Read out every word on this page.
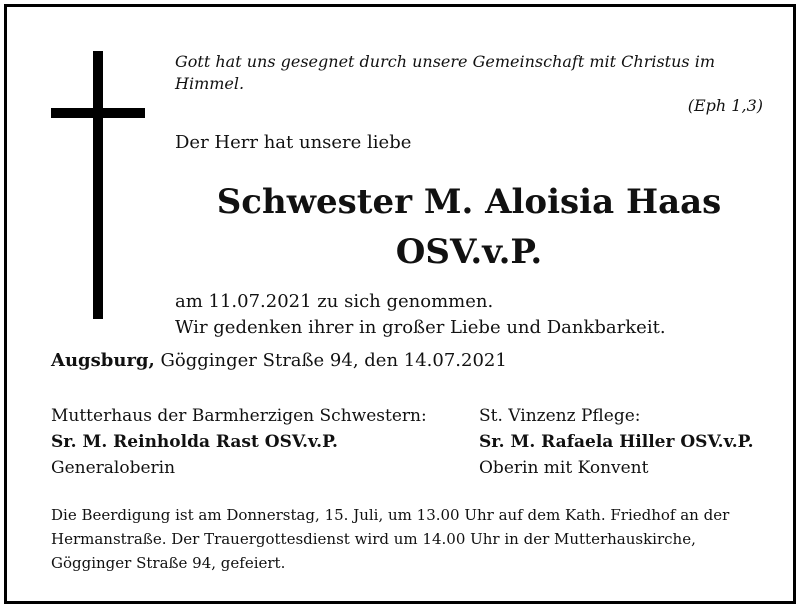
Gott hat uns gesegnet durch unsere Gemeinschaft mit Christus im Himmel.
(Eph 1,3)
Der Herr hat unsere liebe
Schwester M. Aloisia Haas
OSV.v.P.
am 11.07.2021 zu sich genommen.
Wir gedenken ihrer in großer Liebe und Dankbarkeit.
Augsburg, Gögginger Straße 94, den 14.07.2021
Mutterhaus der Barmherzigen Schwestern:
Sr. M. Reinholda Rast OSV.v.P.
Generaloberin
St. Vinzenz Pflege:
Sr. M. Rafaela Hiller OSV.v.P.
Oberin mit Konvent
Die Beerdigung ist am Donnerstag, 15. Juli, um 13.00 Uhr auf dem Kath. Friedhof an der Hermanstraße. Der Trauergottesdienst wird um 14.00 Uhr in der Mutterhauskirche, Gögginger Straße 94, gefeiert.
